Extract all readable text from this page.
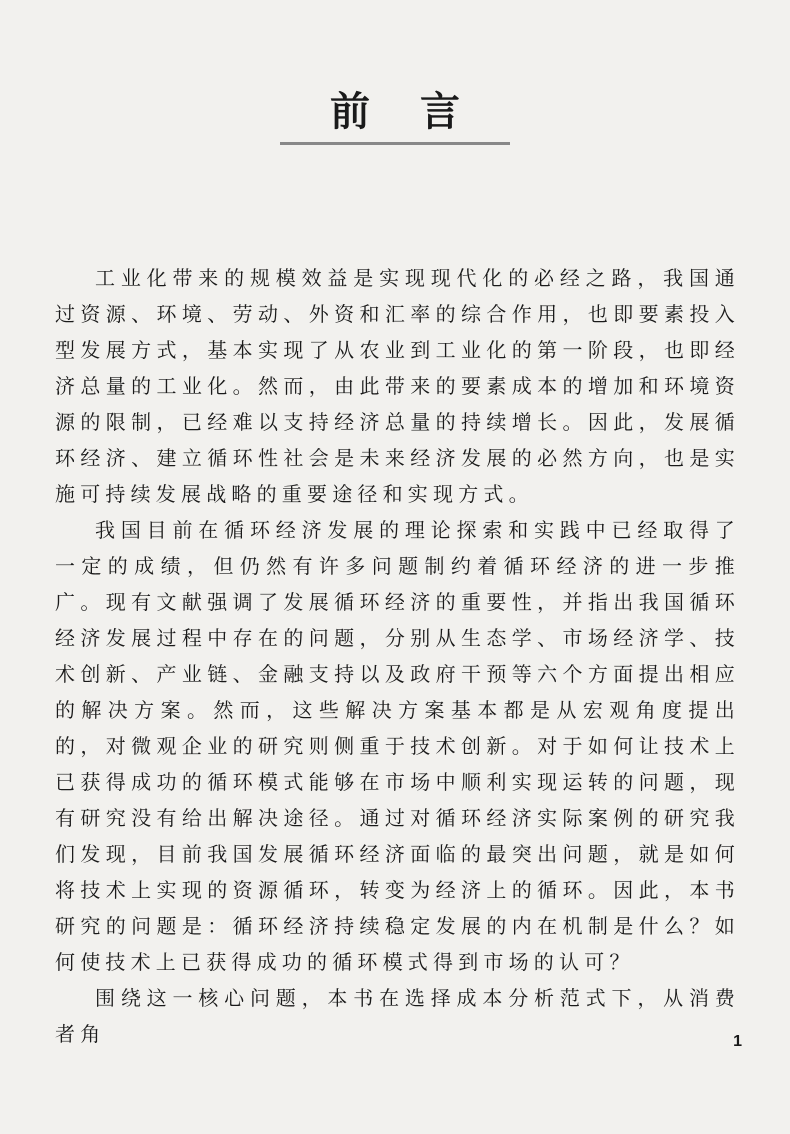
前言

工业化带来的规模效益是实现现代化的必经之路，我国通过资源、环境、劳动、外资和汇率的综合作用，也即要素投入型发展方式，基本实现了从农业到工业化的第一阶段，也即经济总量的工业化。然而，由此带来的要素成本的增加和环境资源的限制，已经难以支持经济总量的持续增长。因此，发展循环经济、建立循环性社会是未来经济发展的必然方向，也是实施可持续发展战略的重要途径和实现方式。

我国目前在循环经济发展的理论探索和实践中已经取得了一定的成绩，但仍然有许多问题制约着循环经济的进一步推广。现有文献强调了发展循环经济的重要性，并指出我国循环经济发展过程中存在的问题，分别从生态学、市场经济学、技术创新、产业链、金融支持以及政府干预等六个方面提出相应的解决方案。然而，这些解决方案基本都是从宏观角度提出的，对微观企业的研究则侧重于技术创新。对于如何让技术上已获得成功的循环模式能够在市场中顺利实现运转的问题，现有研究没有给出解决途径。通过对循环经济实际案例的研究我们发现，目前我国发展循环经济面临的最突出问题，就是如何将技术上实现的资源循环，转变为经济上的循环。因此，本书研究的问题是：循环经济持续稳定发展的内在机制是什么？如何使技术上已获得成功的循环模式得到市场的认可？

围绕这一核心问题，本书在选择成本分析范式下，从消费者角	1
